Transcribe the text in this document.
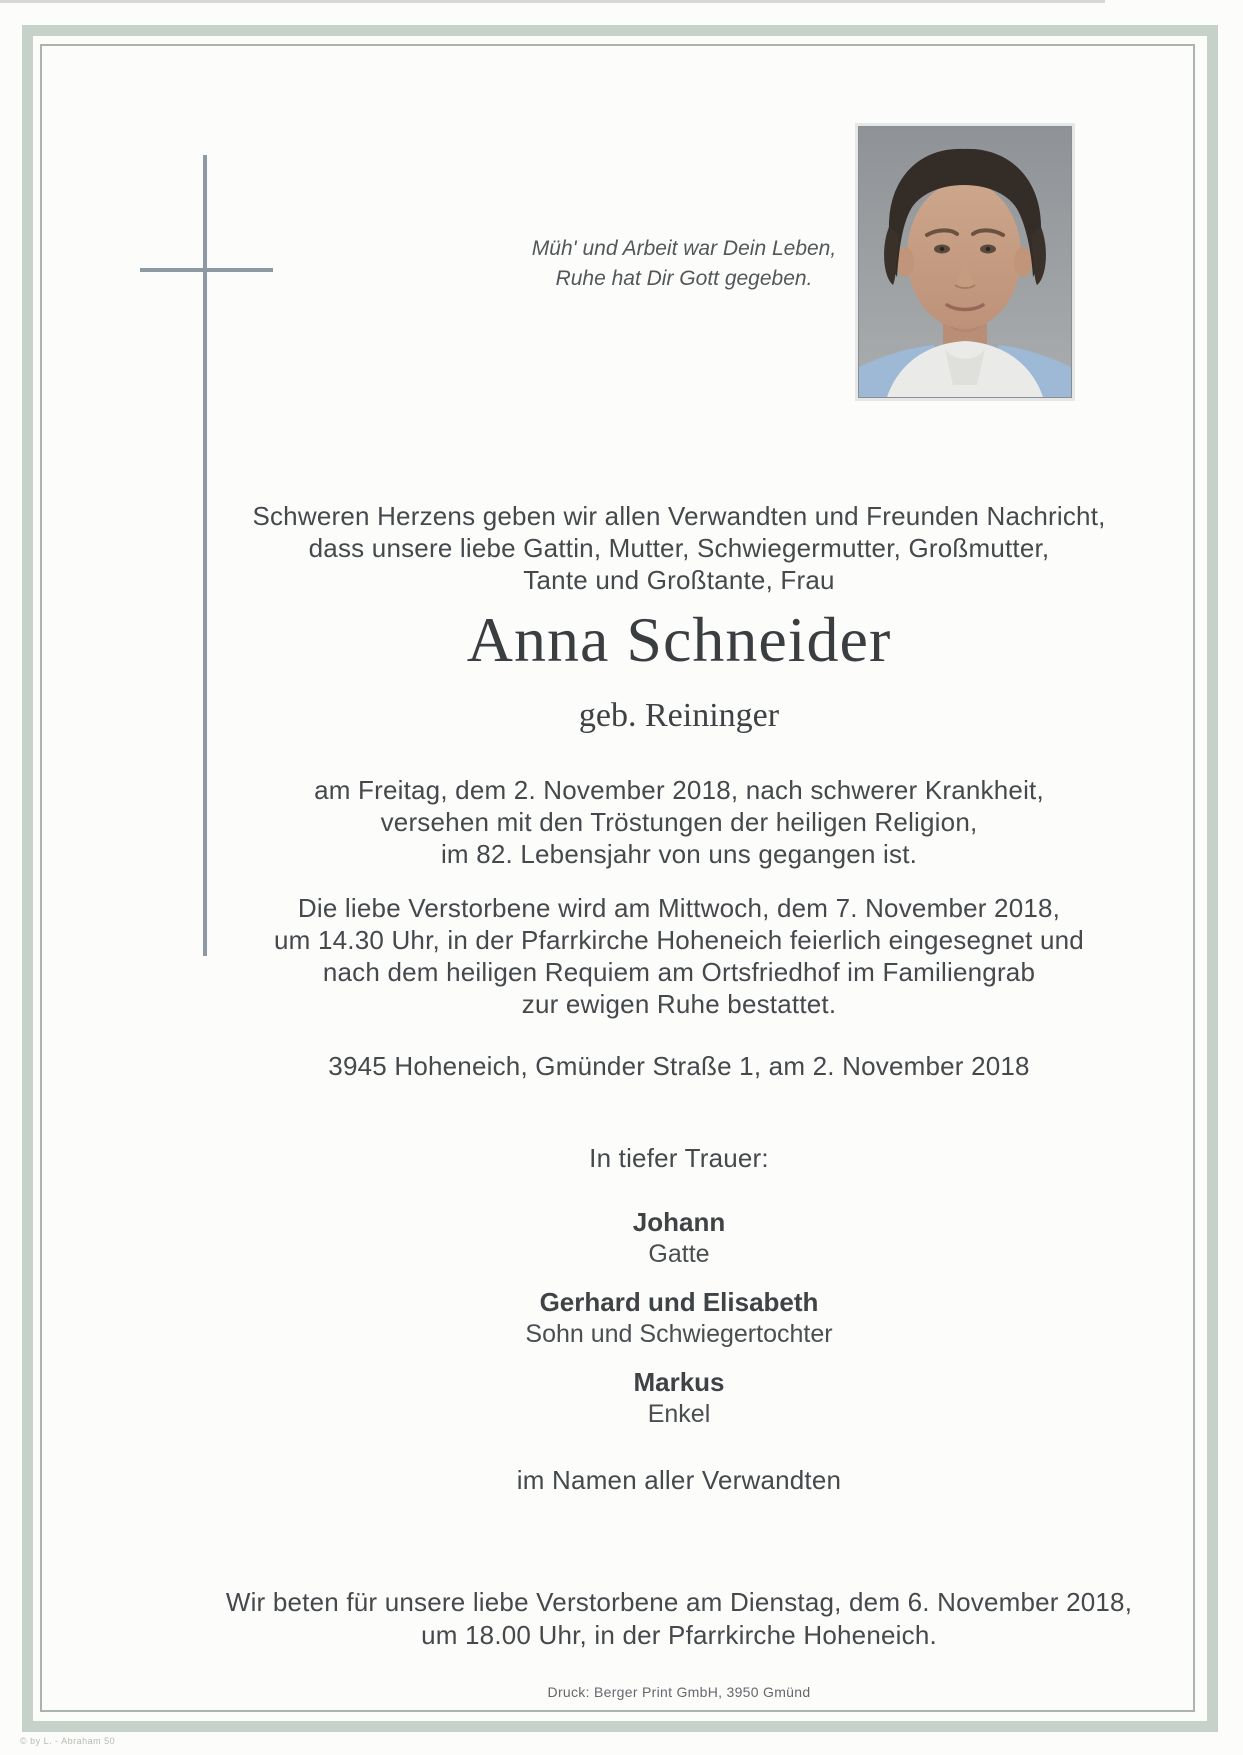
Müh' und Arbeit war Dein Leben,
Ruhe hat Dir Gott gegeben.
Schweren Herzens geben wir allen Verwandten und Freunden Nachricht,
dass unsere liebe Gattin, Mutter, Schwiegermutter, Großmutter,
Tante und Großtante, Frau
Anna Schneider
geb. Reininger
am Freitag, dem 2. November 2018, nach schwerer Krankheit,
versehen mit den Tröstungen der heiligen Religion,
im 82. Lebensjahr von uns gegangen ist.
Die liebe Verstorbene wird am Mittwoch, dem 7. November 2018,
um 14.30 Uhr, in der Pfarrkirche Hoheneich feierlich eingesegnet und
nach dem heiligen Requiem am Ortsfriedhof im Familiengrab
zur ewigen Ruhe bestattet.
3945 Hoheneich, Gmünder Straße 1, am 2. November 2018
In tiefer Trauer:
Johann
Gatte
Gerhard und Elisabeth
Sohn und Schwiegertochter
Markus
Enkel
im Namen aller Verwandten
Wir beten für unsere liebe Verstorbene am Dienstag, dem 6. November 2018,
um 18.00 Uhr, in der Pfarrkirche Hoheneich.
Druck: Berger Print GmbH, 3950 Gmünd
© by L. - Abraham 50
